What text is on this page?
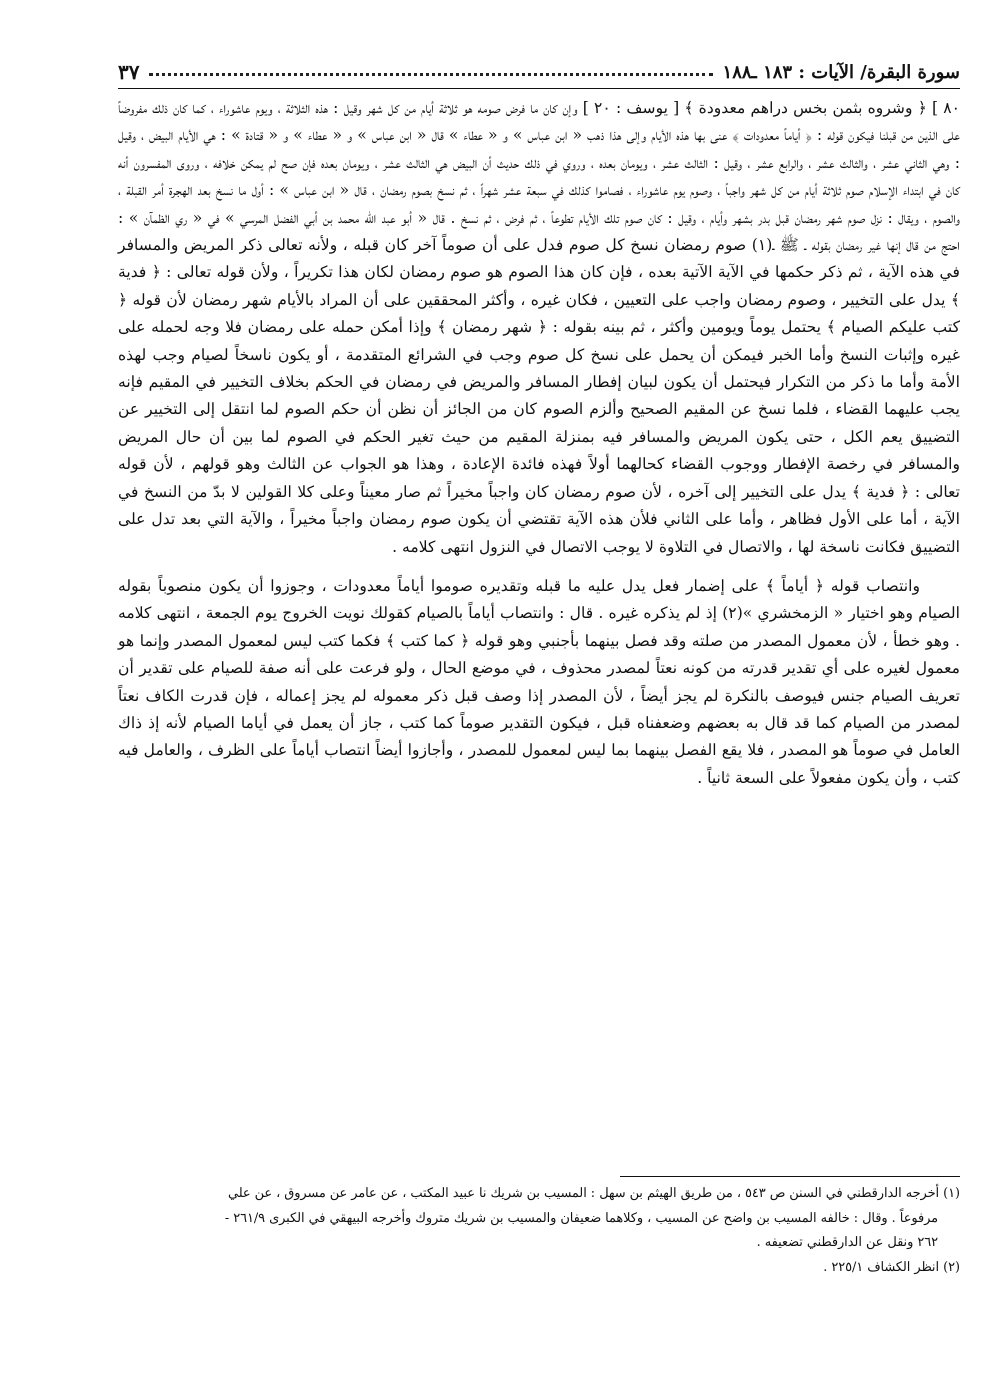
سورة البقرة/ الآيات : ١٨٣ ـ١٨٨
٣٧

٨٠ ] ﴿ وشروه بثمن بخس دراهم معدودة ﴾ [ يوسف : ٢٠ ] وإن كان ما فرض صومه هو ثلاثة أيام من كل شهر وقيل : هذه الثلاثة ، ويوم عاشوراء ، كما كان ذلك مفروضاً على الذين من قبلنا فيكون قوله : ﴿ أياماً معدودات ﴾ عنى بها هذه الأيام وإلى هذا ذهب « ابن عباس » و « عطاء » قال « ابن عباس » و « عطاء » و « قتادة » : هي الأيام البيض ، وقيل : وهي الثاني عشر ، والثالث عشر ، والرابع عشر ، وقيل : الثالث عشر ، ويومان بعده ، وروي في ذلك حديث أن البيض هي الثالث عشر ، ويومان بعده فإن صح لم يمكن خلافه ، وروى المفسرون أنه كان في ابتداء الإسلام صوم ثلاثة أيام من كل شهر واجباً ، وصوم يوم عاشوراء ، فصاموا كذلك في سبعة عشر شهراً ، ثم نسخ بصوم رمضان ، قال « ابن عباس » : أول ما نسخ بعد الهجرة أمر القبلة ، والصوم ، ويقال : نزل صوم شهر رمضان قبل بدر بشهر وأيام ، وقيل : كان صوم تلك الأيام تطوعاً ، ثم فرض ، ثم نسخ . قال « أبو عبد الله محمد بن أبي الفضل المرسي » في « ري الظمآن » : احتج من قال إنها غير رمضان بقوله ـ ﷺ ـ(١) صوم رمضان نسخ كل صوم فدل على أن صوماً آخر كان قبله ، ولأنه تعالى ذكر المريض والمسافر في هذه الآية ، ثم ذكر حكمها في الآية الآتية بعده ، فإن كان هذا الصوم هو صوم رمضان لكان هذا تكريراً ، ولأن قوله تعالى : ﴿ فدية ﴾ يدل على التخيير ، وصوم رمضان واجب على التعيين ، فكان غيره ، وأكثر المحققين على أن المراد بالأيام شهر رمضان لأن قوله ﴿ كتب عليكم الصيام ﴾ يحتمل يوماً ويومين وأكثر ، ثم بينه بقوله : ﴿ شهر رمضان ﴾ وإذا أمكن حمله على رمضان فلا وجه لحمله على غيره وإثبات النسخ وأما الخبر فيمكن أن يحمل على نسخ كل صوم وجب في الشرائع المتقدمة ، أو يكون ناسخاً لصيام وجب لهذه الأمة وأما ما ذكر من التكرار فيحتمل أن يكون لبيان إفطار المسافر والمريض في رمضان في الحكم بخلاف التخيير في المقيم فإنه يجب عليهما القضاء ، فلما نسخ عن المقيم الصحيح وألزم الصوم كان من الجائز أن نظن أن حكم الصوم لما انتقل إلى التخيير عن التضييق يعم الكل ، حتى يكون المريض والمسافر فيه بمنزلة المقيم من حيث تغير الحكم في الصوم لما بين أن حال المريض والمسافر في رخصة الإفطار ووجوب القضاء كحالهما أولاً فهذه فائدة الإعادة ، وهذا هو الجواب عن الثالث وهو قولهم ، لأن قوله تعالى : ﴿ فدية ﴾ يدل على التخيير إلى آخره ، لأن صوم رمضان كان واجباً مخيراً ثم صار معيناً وعلى كلا القولين لا بدّ من النسخ في الآية ، أما على الأول فظاهر ، وأما على الثاني فلأن هذه الآية تقتضي أن يكون صوم رمضان واجباً مخيراً ، والآية التي بعد تدل على التضييق فكانت ناسخة لها ، والاتصال في التلاوة لا يوجب الاتصال في النزول انتهى كلامه .

وانتصاب قوله ﴿ أياماً ﴾ على إضمار فعل يدل عليه ما قبله وتقديره صوموا أياماً معدودات ، وجوزوا أن يكون منصوباً بقوله الصيام وهو اختيار « الزمخشري »(٢) إذ لم يذكره غيره . قال : وانتصاب أياماً بالصيام كقولك نويت الخروج يوم الجمعة ، انتهى كلامه . وهو خطأ ، لأن معمول المصدر من صلته وقد فصل بينهما بأجنبي وهو قوله ﴿ كما كتب ﴾ فكما كتب ليس لمعمول المصدر وإنما هو معمول لغيره على أي تقدير قدرته من كونه نعتاً لمصدر محذوف ، في موضع الحال ، ولو فرعت على أنه صفة للصيام على تقدير أن تعريف الصيام جنس فيوصف بالنكرة لم يجز أيضاً ، لأن المصدر إذا وصف قبل ذكر معموله لم يجز إعماله ، فإن قدرت الكاف نعتاً لمصدر من الصيام كما قد قال به بعضهم وضعفناه قبل ، فيكون التقدير صوماً كما كتب ، جاز أن يعمل في أياما الصيام لأنه إذ ذاك العامل في صوماً هو المصدر ، فلا يقع الفصل بينهما بما ليس لمعمول للمصدر ، وأجازوا أيضاً انتصاب أياماً على الظرف ، والعامل فيه كتب ، وأن يكون مفعولاً على السعة ثانياً .

(١) أخرجه الدارقطني في السنن ص ٥٤٣ ، من طريق الهيثم بن سهل : المسيب بن شريك نا عبيد المكتب ، عن عامر عن مسروق ، عن علي

مرفوعاً . وقال : خالفه المسيب بن واضح عن المسيب ، وكلاهما ضعيفان والمسيب بن شريك متروك وأخرجه البيهقي في الكبرى ٢٦١/٩ -

٢٦٢ ونقل عن الدارقطني تضعيفه .

(٢) انظر الكشاف ٢٢٥/١ .
